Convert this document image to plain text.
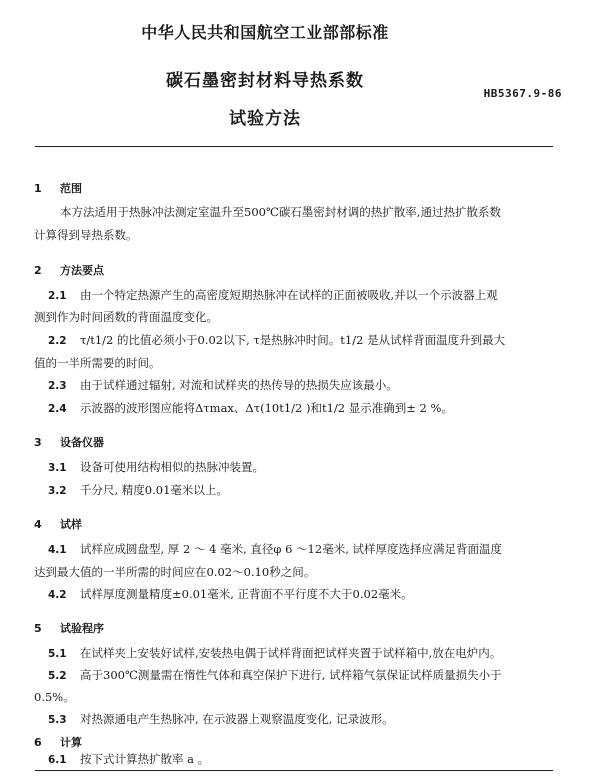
中华人民共和国航空工业部部标准
碳石墨密封材料导热系数
试验方法
HB5367.9-86
1 范围
本方法适用于热脉冲法测定室温升至500℃碳石墨密封材调的热扩散率,通过热扩散系数
计算得到导热系数。
2 方法要点
2.1 由一个特定热源产生的高密度短期热脉冲在试样的正面被吸收,并以一个示波器上观
测到作为时间函数的背面温度变化。
2.2 τ/t1/2 的比值必须小于0.02以下, τ是热脉冲时间。t1/2 是从试样背面温度升到最大
值的一半所需要的时间。
2.3 由于试样通过辐射, 对流和试样夹的热传导的热损失应该最小。
2.4 示波器的波形图应能将Δτmax、Δτ(10t1/2 )和t1/2 显示准确到± 2 %。
3 设备仪器
3.1 设备可使用结构相似的热脉冲装置。
3.2 千分尺, 精度0.01毫米以上。
4 试样
4.1 试样应成圆盘型, 厚 2 ～ 4 毫米, 直径φ 6 ～12毫米, 试样厚度选择应满足背面温度
达到最大值的一半所需的时间应在0.02～0.10秒之间。
4.2 试样厚度测量精度±0.01毫米, 正背面不平行度不大于0.02毫米。
5 试验程序
5.1 在试样夹上安装好试样,安装热电偶于试样背面把试样夹置于试样箱中,放在电炉内。
5.2 高于300℃测量需在惰性气体和真空保护下进行, 试样箱气氛保证试样质量损失小于
0.5%。
5.3 对热源通电产生热脉冲, 在示波器上观察温度变化, 记录波形。
6 计算
6.1 按下式计算热扩散率 a 。
